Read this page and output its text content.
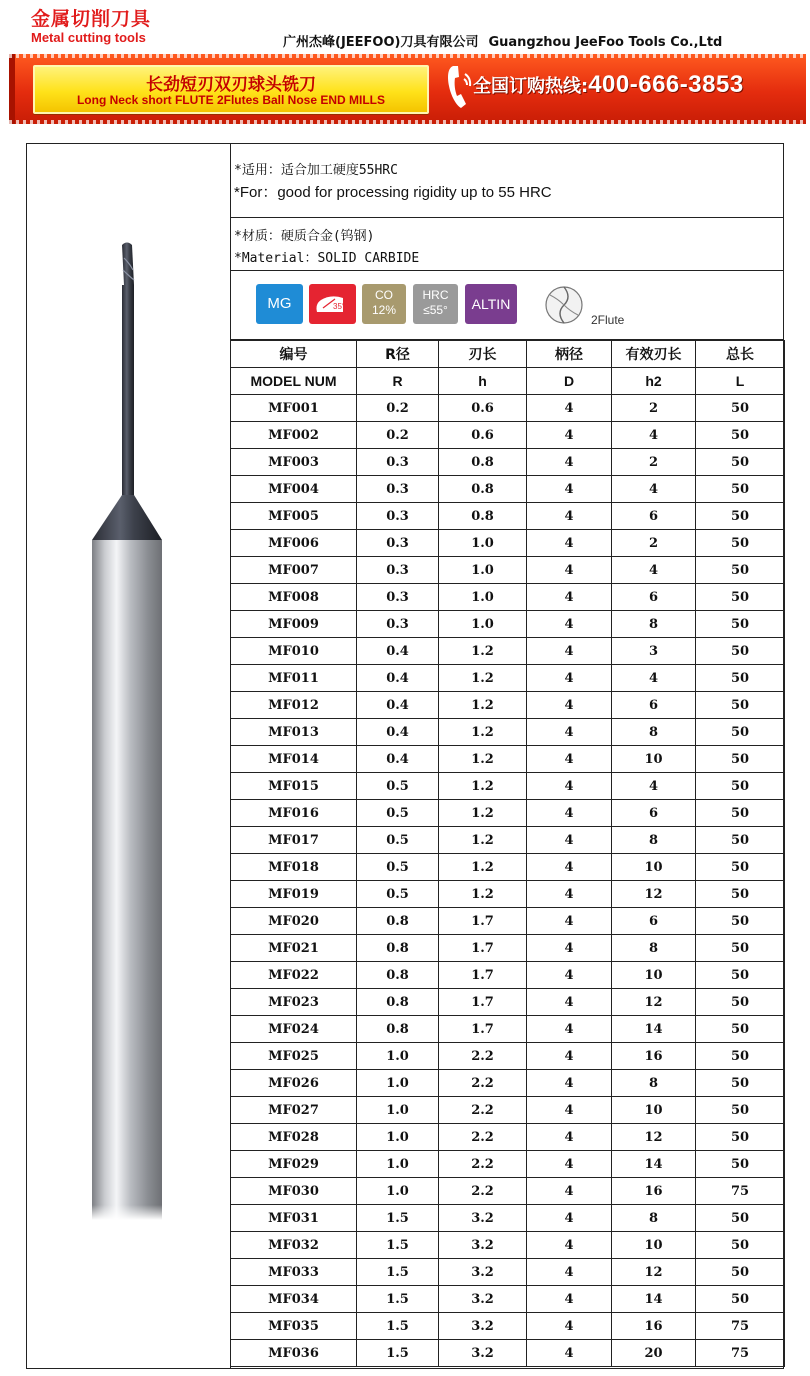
金属切削刀具
Metal cutting tools	广州杰峰(JEEFOO)刀具有限公司 Guangzhou JeeFoo Tools Co.,Ltd
长劲短刃双刃球头铣刀
Long Neck short FLUTE 2Flutes Ball Nose END MILLS
全国订购热线:400-666-3853
*适用：适合加工硬度55HRC
*For：good for processing rigidity up to 55 HRC
*材质：硬质合金(钨钢)
*Material：SOLID CARBIDE
MG	35°
CO
12%
HRC
≤55°	ALTIN
2Flute
编号	R径	刃长	柄径	有效刃长	总长
MODEL NUM	R	h	D	h2	L
MF001	0.2	0.6	4	2	50
MF002	0.2	0.6	4	4	50
MF003	0.3	0.8	4	2	50
MF004	0.3	0.8	4	4	50
MF005	0.3	0.8	4	6	50
MF006	0.3	1.0	4	2	50
MF007	0.3	1.0	4	4	50
MF008	0.3	1.0	4	6	50
MF009	0.3	1.0	4	8	50
MF010	0.4	1.2	4	3	50
MF011	0.4	1.2	4	4	50
MF012	0.4	1.2	4	6	50
MF013	0.4	1.2	4	8	50
MF014	0.4	1.2	4	10	50
MF015	0.5	1.2	4	4	50
MF016	0.5	1.2	4	6	50
MF017	0.5	1.2	4	8	50
MF018	0.5	1.2	4	10	50
MF019	0.5	1.2	4	12	50
MF020	0.8	1.7	4	6	50
MF021	0.8	1.7	4	8	50
MF022	0.8	1.7	4	10	50
MF023	0.8	1.7	4	12	50
MF024	0.8	1.7	4	14	50
MF025	1.0	2.2	4	16	50
MF026	1.0	2.2	4	8	50
MF027	1.0	2.2	4	10	50
MF028	1.0	2.2	4	12	50
MF029	1.0	2.2	4	14	50
MF030	1.0	2.2	4	16	75
MF031	1.5	3.2	4	8	50
MF032	1.5	3.2	4	10	50
MF033	1.5	3.2	4	12	50
MF034	1.5	3.2	4	14	50
MF035	1.5	3.2	4	16	75
MF036	1.5	3.2	4	20	75
